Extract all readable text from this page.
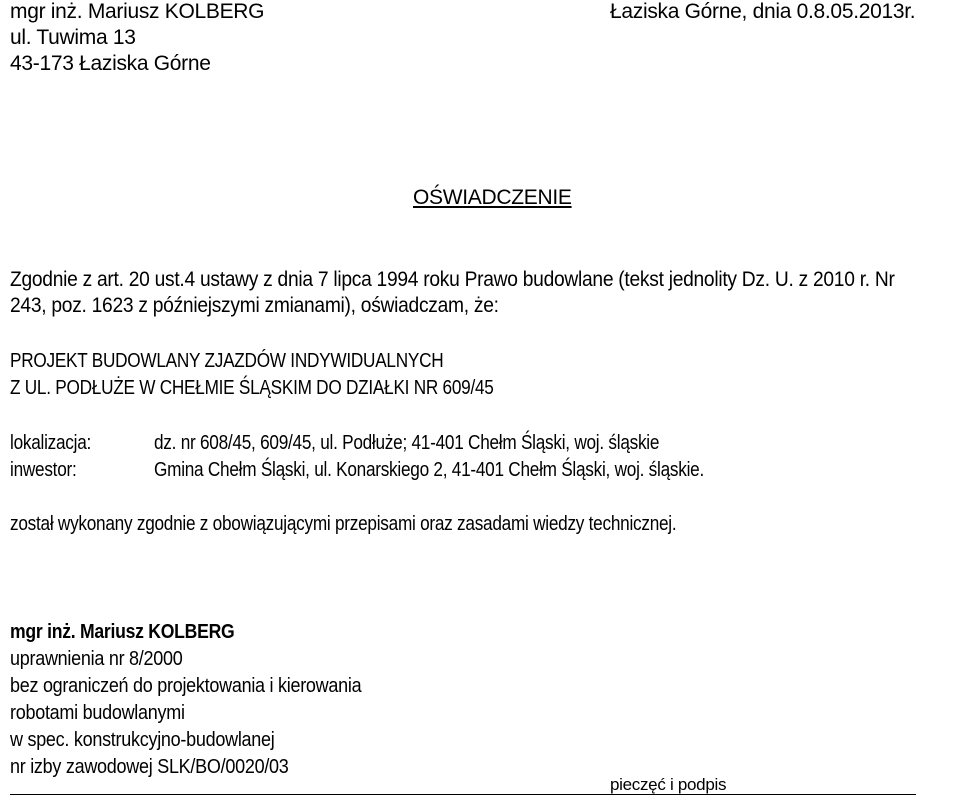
mgr inż. Mariusz KOLBERG
ul. Tuwima 13
43-173 Łaziska Górne
Łaziska Górne, dnia 0.8.05.2013r.
OŚWIADCZENIE
Zgodnie z art. 20 ust.4 ustawy z dnia 7 lipca 1994 roku Prawo budowlane (tekst jednolity Dz. U. z 2010 r. Nr
243, poz. 1623 z późniejszymi zmianami), oświadczam, że:
PROJEKT BUDOWLANY ZJAZDÓW INDYWIDUALNYCH
Z UL. PODŁUŻE W CHEŁMIE ŚLĄSKIM DO DZIAŁKI NR 609/45
lokalizacja:	dz. nr 608/45, 609/45, ul. Podłuże; 41-401 Chełm Śląski, woj. śląskie
inwestor:	Gmina Chełm Śląski, ul. Konarskiego 2, 41-401 Chełm Śląski, woj. śląskie.
został wykonany zgodnie z obowiązującymi przepisami oraz zasadami wiedzy technicznej.
mgr inż. Mariusz KOLBERG
uprawnienia nr 8/2000
bez ograniczeń do projektowania i kierowania
robotami budowlanymi
w spec. konstrukcyjno-budowlanej
nr izby zawodowej SLK/BO/0020/03
pieczęć i podpis
